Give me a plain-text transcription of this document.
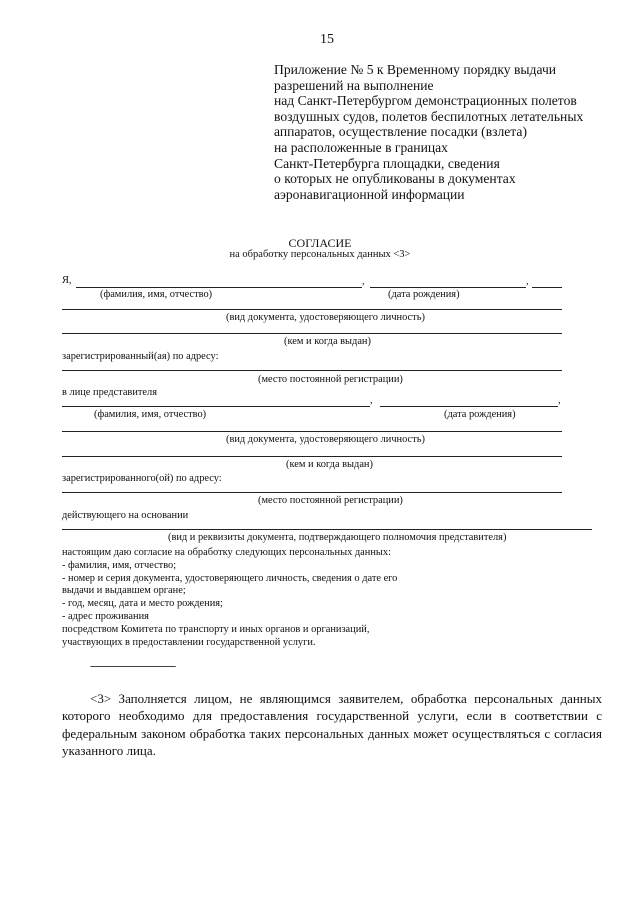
15
Приложение № 5 к Временному порядку выдачи
разрешений на выполнение
над Санкт-Петербургом демонстрационных полетов
воздушных судов, полетов беспилотных летательных
аппаратов, осуществление посадки (взлета)
на расположенные в границах
Санкт-Петербурга площадки, сведения
о которых не опубликованы в документах
аэронавигационной информации
СОГЛАСИЕ
на обработку персональных данных <3>
Я,	,	,
(фамилия, имя, отчество)	(дата рождения)
(вид документа, удостоверяющего личность)
(кем и когда выдан)
зарегистрированный(ая) по адресу:
(место постоянной регистрации)
в лице представителя
,	,
(фамилия, имя, отчество)	(дата рождения)
(вид документа, удостоверяющего личность)
(кем и когда выдан)
зарегистрированного(ой) по адресу:
(место постоянной регистрации)
действующего на основании
(вид и реквизиты документа, подтверждающего полномочия представителя)
настоящим даю согласие на обработку следующих персональных данных:
- фамилия, имя, отчество;
- номер и серия документа, удостоверяющего личность, сведения о дате его
выдачи и выдавшем органе;
- год, месяц, дата и место рождения;
- адрес проживания
посредством Комитета по транспорту и иных органов и организаций,
участвующих в предоставлении государственной услуги.
--------------------------------

<3> Заполняется лицом, не являющимся заявителем, обработка персональных данных которого необходимо для предоставления государственной услуги, если в соответствии с федеральным законом обработка таких персональных данных может осуществляться с согласия указанного лица.
